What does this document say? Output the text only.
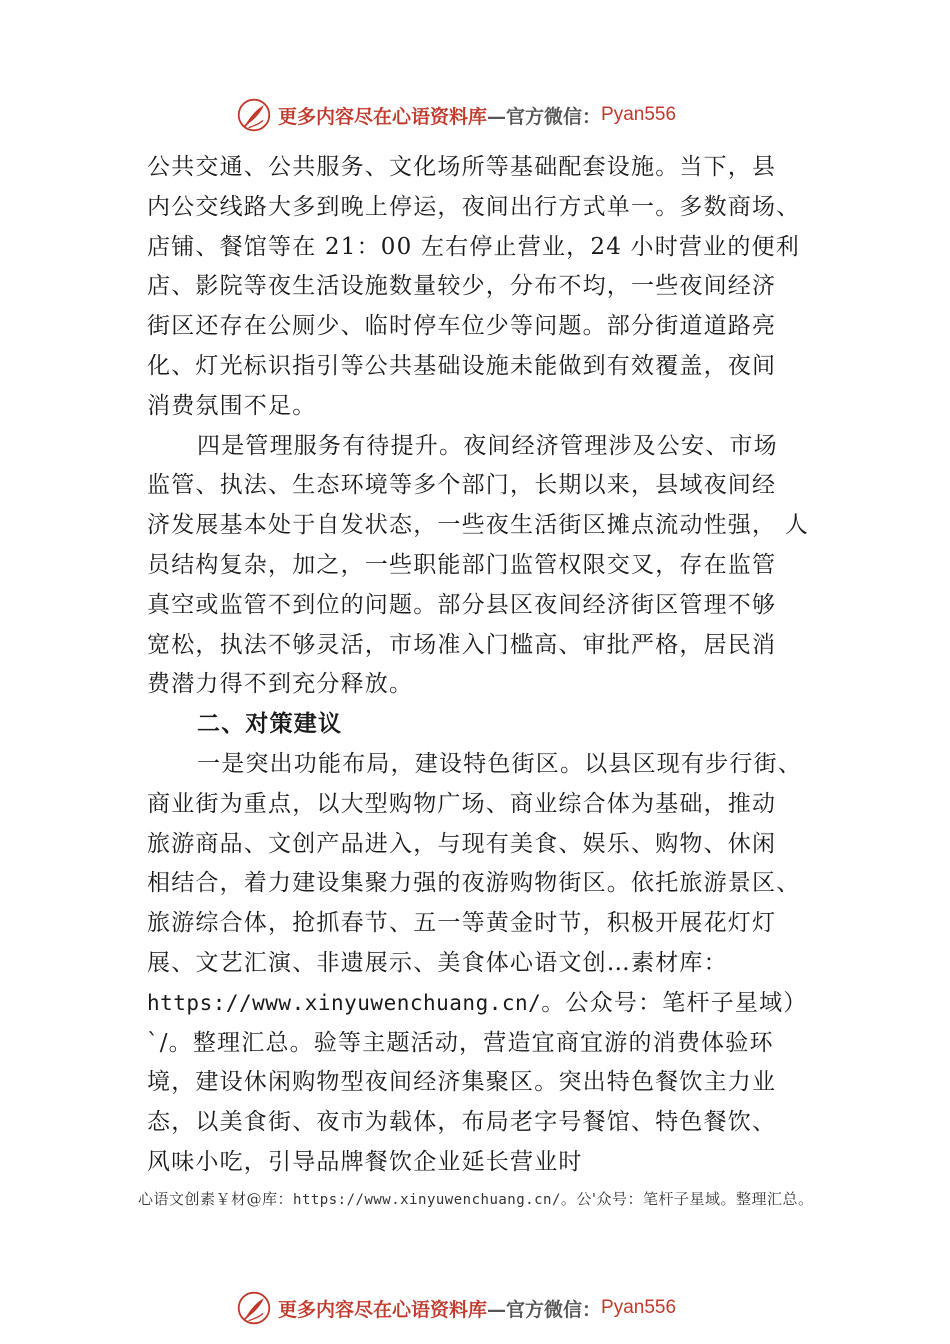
更多内容尽在心语资料库 —官方微信： Pyan556
公共交通、公共服务、文化场所等基础配套设施。当下，县
内公交线路大多到晚上停运，夜间出行方式单一。多数商场、
店铺、餐馆等在 21：00 左右停止营业，24 小时营业的便利
店、影院等夜生活设施数量较少，分布不均，一些夜间经济
街区还存在公厕少、临时停车位少等问题。部分街道道路亮
化、灯光标识指引等公共基础设施未能做到有效覆盖，夜间
消费氛围不足。
四是管理服务有待提升。夜间经济管理涉及公安、市场
监管、执法、生态环境等多个部门，长期以来，县域夜间经
济发展基本处于自发状态，一些夜生活街区摊点流动性强， 人
员结构复杂，加之，一些职能部门监管权限交叉，存在监管
真空或监管不到位的问题。部分县区夜间经济街区管理不够
宽松，执法不够灵活，市场准入门槛高、审批严格，居民消
费潜力得不到充分释放。
二、对策建议
一是突出功能布局，建设特色街区。以县区现有步行街、
商业街为重点，以大型购物广场、商业综合体为基础，推动
旅游商品、文创产品进入，与现有美食、娱乐、购物、休闲
相结合，着力建设集聚力强的夜游购物街区。依托旅游景区、
旅游综合体，抢抓春节、五一等黄金时节，积极开展花灯灯
展、文艺汇演、非遗展示、美食体心语文创…素材库：
https://www.xinyuwenchuang.cn/。公众号：笔杆子星域）
`/。整理汇总。验等主题活动，营造宜商宜游的消费体验环
境，建设休闲购物型夜间经济集聚区。突出特色餐饮主力业
态，以美食街、夜市为载体，布局老字号餐馆、特色餐饮、
风味小吃，引导品牌餐饮企业延长营业时
心语文创素￥材@库：https://www.xinyuwenchuang.cn/。公'众号：笔杆子星域。整理汇总。
更多内容尽在心语资料库 —官方微信： Pyan556
